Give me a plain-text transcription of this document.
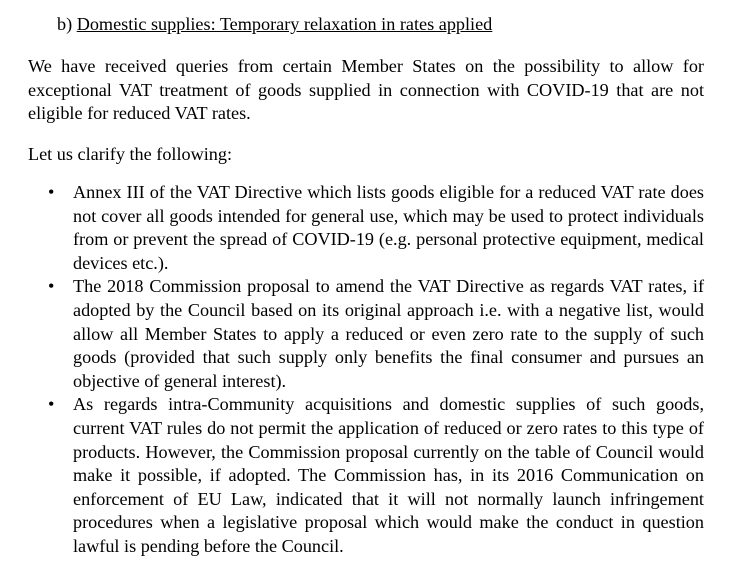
b) Domestic supplies: Temporary relaxation in rates applied

We have received queries from certain Member States on the possibility to allow for exceptional VAT treatment of goods supplied in connection with COVID-19 that are not eligible for reduced VAT rates.

Let us clarify the following:

• Annex III of the VAT Directive which lists goods eligible for a reduced VAT rate does not cover all goods intended for general use, which may be used to protect individuals from or prevent the spread of COVID-19 (e.g. personal protective equipment, medical devices etc.).
• The 2018 Commission proposal to amend the VAT Directive as regards VAT rates, if adopted by the Council based on its original approach i.e. with a negative list, would allow all Member States to apply a reduced or even zero rate to the supply of such goods (provided that such supply only benefits the final consumer and pursues an objective of general interest).
• As regards intra-Community acquisitions and domestic supplies of such goods, current VAT rules do not permit the application of reduced or zero rates to this type of products. However, the Commission proposal currently on the table of Council would make it possible, if adopted. The Commission has, in its 2016 Communication on enforcement of EU Law, indicated that it will not normally launch infringement procedures when a legislative proposal which would make the conduct in question lawful is pending before the Council.
